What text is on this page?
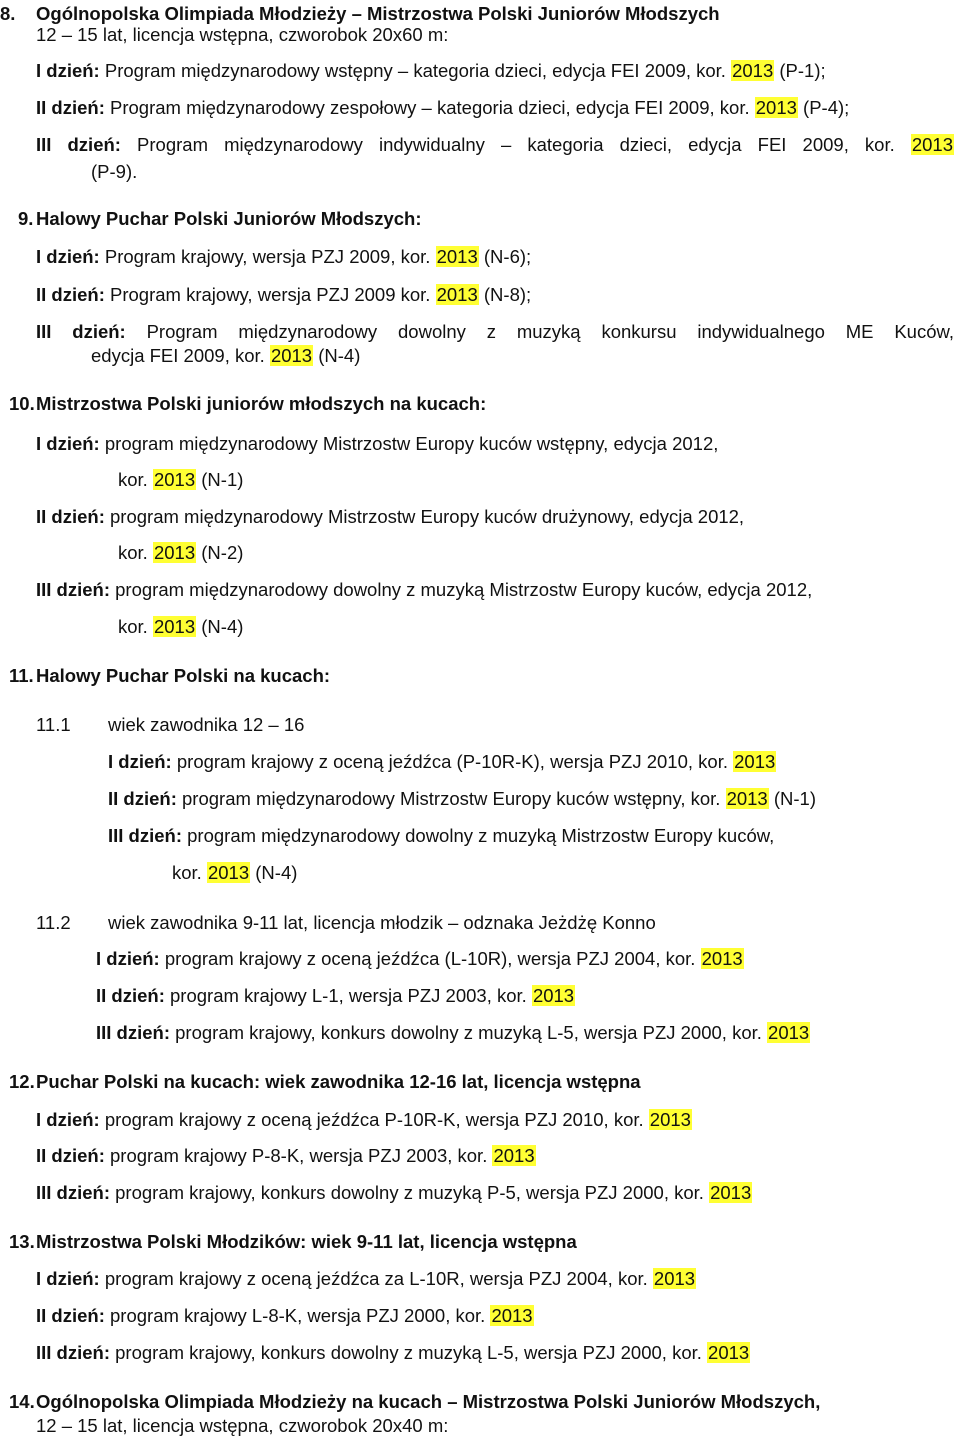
8. Ogólnopolska Olimpiada Młodzieży – Mistrzostwa Polski Juniorów Młodszych
12 – 15 lat, licencja wstępna, czworobok 20x60 m:
I dzień: Program międzynarodowy wstępny – kategoria dzieci, edycja FEI 2009, kor. 2013 (P-1);
II dzień: Program międzynarodowy zespołowy – kategoria dzieci, edycja FEI 2009, kor. 2013 (P-4);
III dzień: Program międzynarodowy indywidualny – kategoria dzieci, edycja FEI 2009, kor. 2013
(P-9).
9. Halowy Puchar Polski Juniorów Młodszych:
I dzień: Program krajowy, wersja PZJ 2009, kor. 2013 (N-6);
II dzień: Program krajowy, wersja PZJ 2009 kor. 2013 (N-8);
III dzień: Program międzynarodowy dowolny z muzyką konkursu indywidualnego ME Kuców,
edycja FEI 2009, kor. 2013 (N-4)
10. Mistrzostwa Polski juniorów młodszych na kucach:
I dzień: program międzynarodowy Mistrzostw Europy kuców wstępny, edycja 2012,
kor. 2013 (N-1)
II dzień: program międzynarodowy Mistrzostw Europy kuców drużynowy, edycja 2012,
kor. 2013 (N-2)
III dzień: program międzynarodowy dowolny z muzyką Mistrzostw Europy kuców, edycja 2012,
kor. 2013 (N-4)
11. Halowy Puchar Polski na kucach:
11.1 wiek zawodnika 12 – 16
I dzień: program krajowy z oceną jeźdźca (P-10R-K), wersja PZJ 2010, kor. 2013
II dzień: program międzynarodowy Mistrzostw Europy kuców wstępny, kor. 2013 (N-1)
III dzień: program międzynarodowy dowolny z muzyką Mistrzostw Europy kuców,
kor. 2013 (N-4)
11.2 wiek zawodnika 9-11 lat, licencja młodzik – odznaka Jeżdżę Konno
I dzień: program krajowy z oceną jeźdźca (L-10R), wersja PZJ 2004, kor. 2013
II dzień: program krajowy L-1, wersja PZJ 2003, kor. 2013
III dzień: program krajowy, konkurs dowolny z muzyką L-5, wersja PZJ 2000, kor. 2013
12. Puchar Polski na kucach: wiek zawodnika 12-16 lat, licencja wstępna
I dzień: program krajowy z oceną jeźdźca P-10R-K, wersja PZJ 2010, kor. 2013
II dzień: program krajowy P-8-K, wersja PZJ 2003, kor. 2013
III dzień: program krajowy, konkurs dowolny z muzyką P-5, wersja PZJ 2000, kor. 2013
13. Mistrzostwa Polski Młodzików: wiek 9-11 lat, licencja wstępna
I dzień: program krajowy z oceną jeźdźca za L-10R, wersja PZJ 2004, kor. 2013
II dzień: program krajowy L-8-K, wersja PZJ 2000, kor. 2013
III dzień: program krajowy, konkurs dowolny z muzyką L-5, wersja PZJ 2000, kor. 2013
14. Ogólnopolska Olimpiada Młodzieży na kucach – Mistrzostwa Polski Juniorów Młodszych,
12 – 15 lat, licencja wstępna, czworobok 20x40 m:
